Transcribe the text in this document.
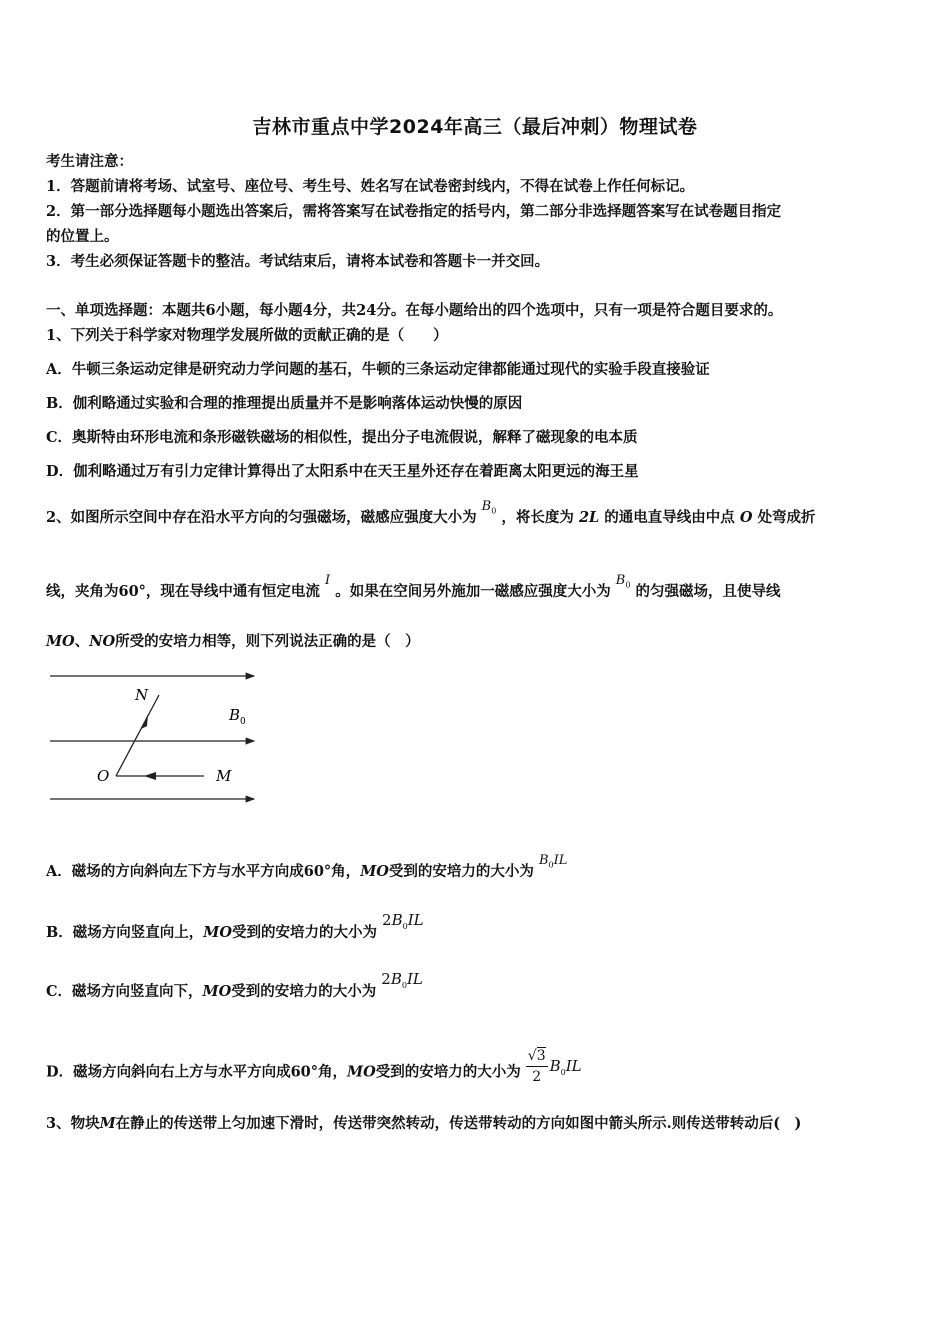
吉林市重点中学2024年高三（最后冲刺）物理试卷
考生请注意：
1．答题前请将考场、试室号、座位号、考生号、姓名写在试卷密封线内，不得在试卷上作任何标记。
2．第一部分选择题每小题选出答案后，需将答案写在试卷指定的括号内，第二部分非选择题答案写在试卷题目指定
的位置上。
3．考生必须保证答题卡的整洁。考试结束后，请将本试卷和答题卡一并交回。
一、单项选择题：本题共6小题，每小题4分，共24分。在每小题给出的四个选项中，只有一项是符合题目要求的。
1、下列关于科学家对物理学发展所做的贡献正确的是（　　）
A．牛顿三条运动定律是研究动力学问题的基石，牛顿的三条运动定律都能通过现代的实验手段直接验证
B．伽利略通过实验和合理的推理提出质量并不是影响落体运动快慢的原因
C．奥斯特由环形电流和条形磁铁磁场的相似性，提出分子电流假说，解释了磁现象的电本质
D．伽利略通过万有引力定律计算得出了太阳系中在天王星外还存在着距离太阳更远的海王星
2、如图所示空间中存在沿水平方向的匀强磁场，磁感应强度大小为 $B_0$ ，将长度为 2L 的通电直导线由中点 O 处弯成折
线，夹角为60°，现在导线中通有恒定电流 I 。如果在空间另外施加一磁感应强度大小为 $B_0$ 的匀强磁场，且使导线
MO、NO所受的安培力相等，则下列说法正确的是（　）
N
O	M
$B_0$
A．磁场的方向斜向左下方与水平方向成60°角，MO受到的安培力的大小为 $B_0IL$
B．磁场方向竖直向上，MO受到的安培力的大小为 $2B_0IL$
C．磁场方向竖直向下，MO受到的安培力的大小为 $2B_0IL$
D．磁场方向斜向右上方与水平方向成60°角，MO受到的安培力的大小为 $\frac{√3}{2} B_0IL$
3、物块M在静止的传送带上匀加速下滑时，传送带突然转动，传送带转动的方向如图中箭头所示.则传送带转动后(　)
